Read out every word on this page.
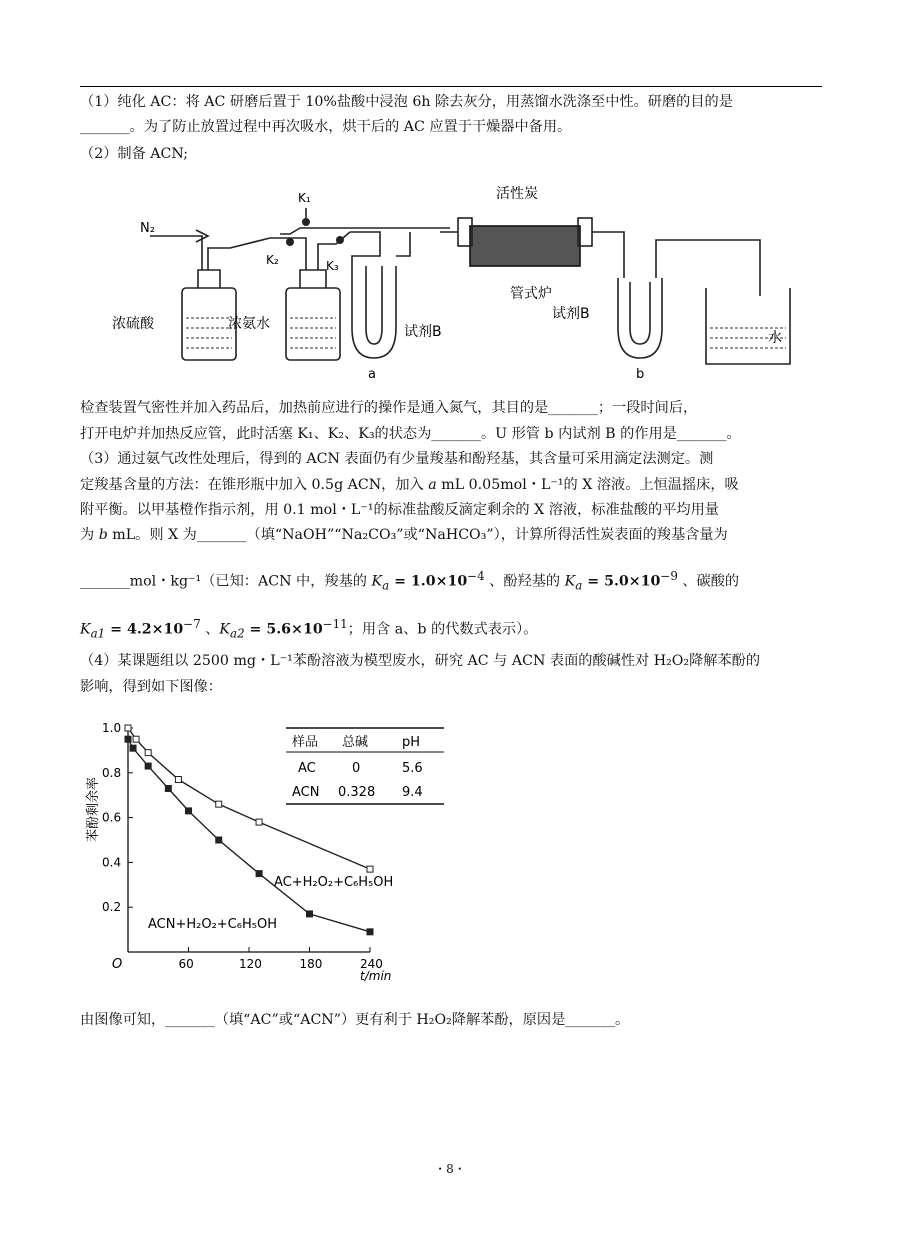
（1）纯化 AC：将 AC 研磨后置于 10%盐酸中浸泡 6h 除去灰分，用蒸馏水洗涤至中性。研磨的目的是
_______。为了防止放置过程中再次吸水，烘干后的 AC 应置于干燥器中备用。
（2）制备 ACN;
N₂
K₁
K₂	K₃
活性炭
管式炉
浓硫酸	浓氨水	试剂B
试剂B
水
a	b
检查装置气密性并加入药品后，加热前应进行的操作是通入氮气，其目的是_______；一段时间后，
打开电炉并加热反应管，此时活塞 K₁、K₂、K₃的状态为_______。U 形管 b 内试剂 B 的作用是_______。
（3）通过氨气改性处理后，得到的 ACN 表面仍有少量羧基和酚羟基，其含量可采用滴定法测定。测
定羧基含量的方法：在锥形瓶中加入 0.5g ACN，加入 a mL 0.05mol・L⁻¹的 X 溶液。上恒温摇床，吸
附平衡。以甲基橙作指示剂，用 0.1 mol・L⁻¹的标准盐酸反滴定剩余的 X 溶液，标准盐酸的平均用量
为 b mL。则 X 为_______（填“NaOH”“Na₂CO₃”或“NaHCO₃”），计算所得活性炭表面的羧基含量为
_______mol・kg⁻¹（已知：ACN 中，羧基的 $K_a = 1.0\times 10^{-4}$ 、酚羟基的 $K_a = 5.0\times 10^{-9}$ 、碳酸的
$K_{a1} = 4.2\times 10^{-7}$ 、$K_{a2} = 5.6\times 10^{-11}$；用含 a、b 的代数式表示）。
（4）某课题组以 2500 mg・L⁻¹苯酚溶液为模型废水，研究 AC 与 ACN 表面的酸碱性对 H₂O₂降解苯酚的
影响，得到如下图像：
60	120	180	240
0.2
0.4
0.6
0.8
1.0
苯酚剩余率
t/min
O
AC+H₂O₂+C₆H₅OH
ACN+H₂O₂+C₆H₅OH
样品 总碱	pH
AC	0	5.6
ACN 0.328 9.4
由图像可知，_______（填“AC”或“ACN”）更有利于 H₂O₂降解苯酚，原因是_______。
・8・
